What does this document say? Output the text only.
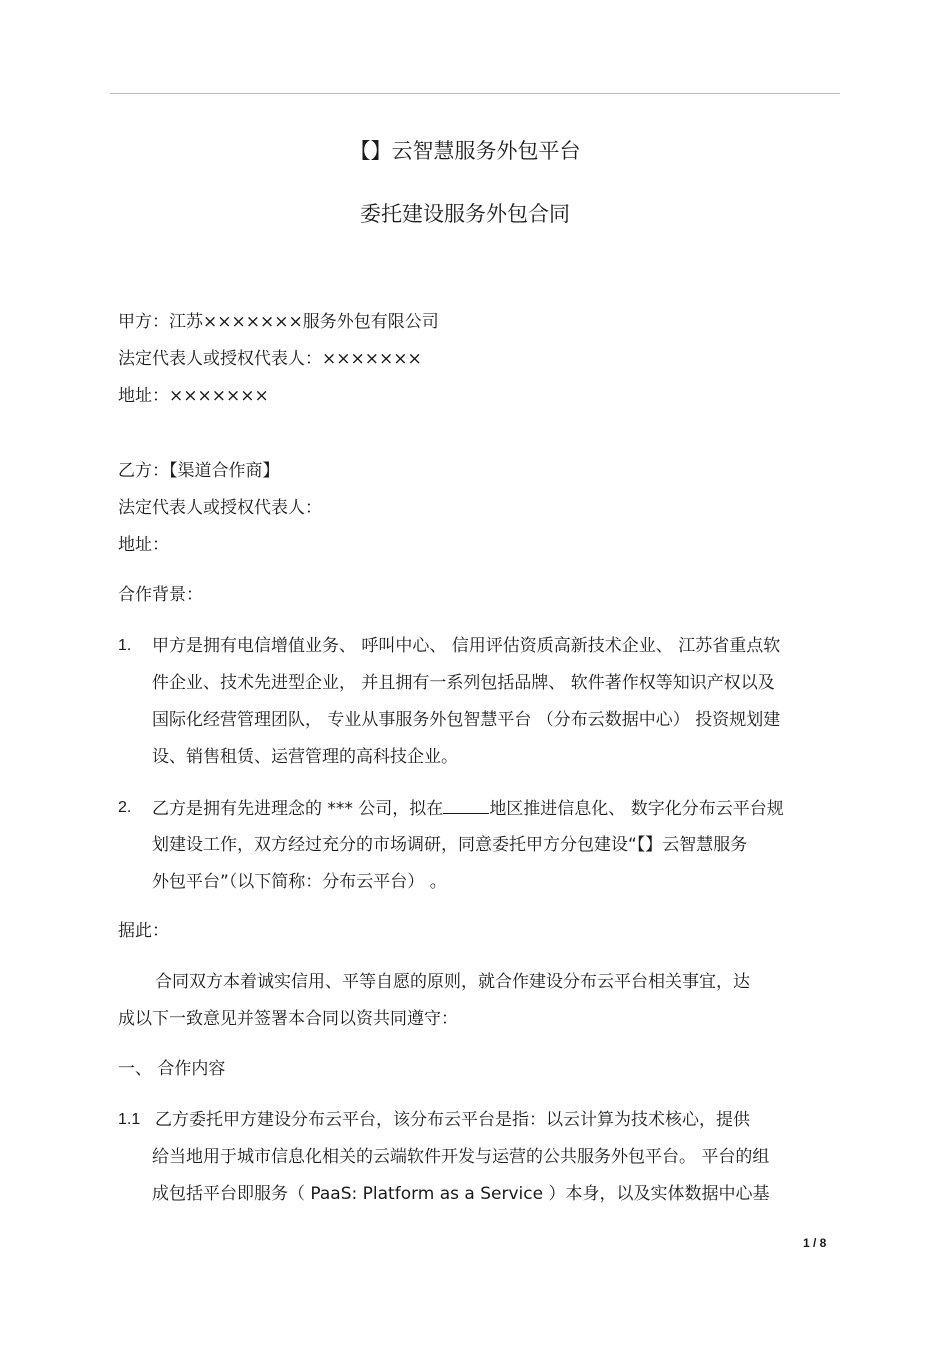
【】云智慧服务外包平台
委托建设服务外包合同
甲方：江苏×××××××服务外包有限公司
法定代表人或授权代表人：×××××××
地址：×××××××
乙方：【渠道合作商】
法定代表人或授权代表人：
地址：
合作背景：
1. 甲方是拥有电信增值业务、 呼叫中心、 信用评估资质高新技术企业、 江苏省重点软
件企业、技术先进型企业， 并且拥有一系列包括品牌、 软件著作权等知识产权以及
国际化经营管理团队， 专业从事服务外包智慧平台 （分布云数据中心） 投资规划建
设、销售租赁、运营管理的高科技企业。
2. 乙方是拥有先进理念的 *** 公司，拟在	地区推进信息化、 数字化分布云平台规
划建设工作，双方经过充分的市场调研，同意委托甲方分包建设“【】云智慧服务
外包平台”（以下简称：分布云平台） 。
据此：
合同双方本着诚实信用、平等自愿的原则，就合作建设分布云平台相关事宜，达
成以下一致意见并签署本合同以资共同遵守：
一、 合作内容
1.1 乙方委托甲方建设分布云平台，该分布云平台是指：以云计算为技术核心，提供
给当地用于城市信息化相关的云端软件开发与运营的公共服务外包平台。 平台的组
成包括平台即服务（ PaaS: Platform as a Service ）本身，以及实体数据中心基
1 / 8
